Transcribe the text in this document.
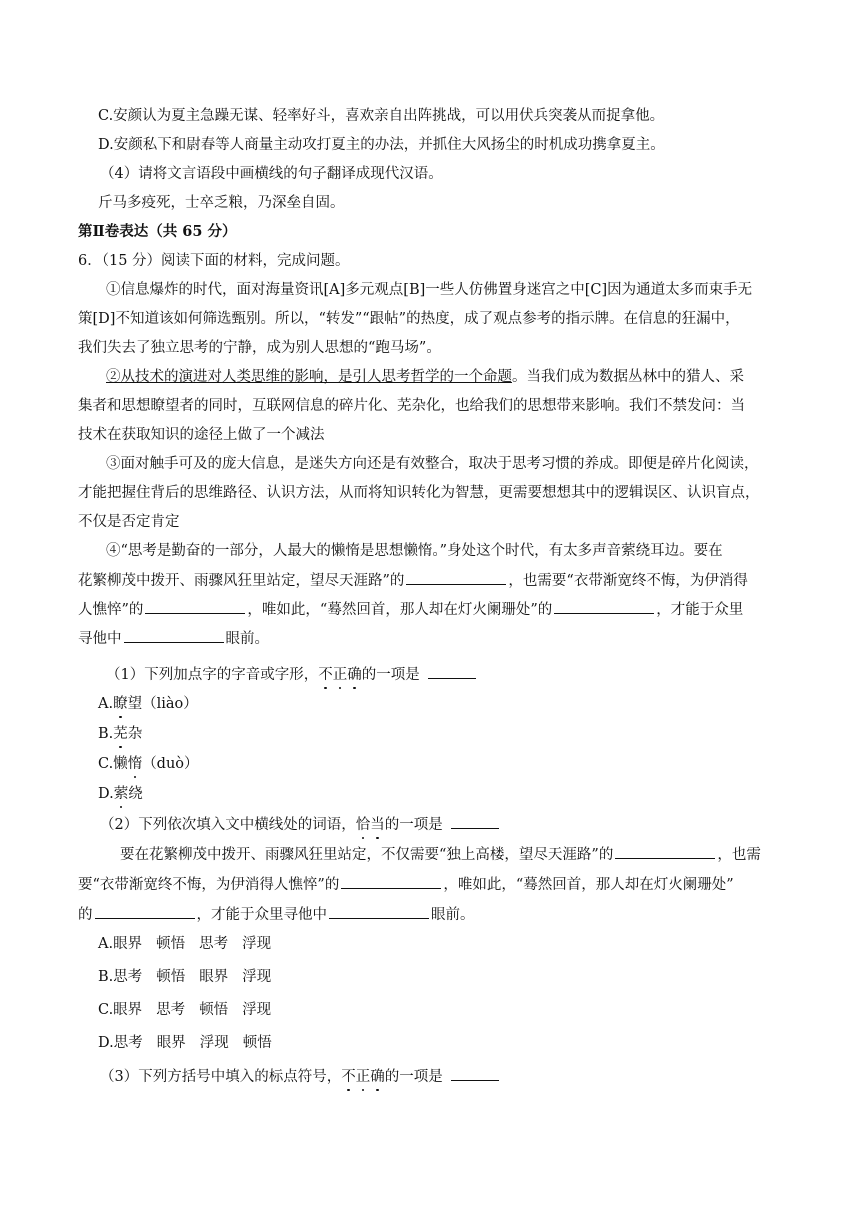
C.安颜认为夏主急躁无谋、轻率好斗，喜欢亲自出阵挑战，可以用伏兵突袭从而捉拿他。
D.安颜私下和尉春等人商量主动攻打夏主的办法，并抓住大风扬尘的时机成功携拿夏主。
（4）请将文言语段中画横线的句子翻译成现代汉语。
斤马多疫死，士卒乏粮，乃深垒自固。
第Ⅱ卷表达（共 65 分）
6．（15 分）阅读下面的材料，完成问题。
①信息爆炸的时代，面对海量资讯[A]多元观点[B]一些人仿佛置身迷宫之中[C]因为通道太多而束手无
策[D]不知道该如何筛选甄别。所以，“转发”“跟帖”的热度，成了观点参考的指示牌。在信息的狂漏中，
我们失去了独立思考的宁静，成为别人思想的“跑马场”。
②从技术的演进对人类思维的影响，是引人思考哲学的一个命题。当我们成为数据丛林中的猎人、采
集者和思想瞭望者的同时，互联网信息的碎片化、芜杂化，也给我们的思想带来影响。我们不禁发问：当
技术在获取知识的途径上做了一个减法
③面对触手可及的庞大信息，是迷失方向还是有效整合，取决于思考习惯的养成。即便是碎片化阅读，
才能把握住背后的思维路径、认识方法，从而将知识转化为智慧，更需要想想其中的逻辑误区、认识盲点，
不仅是否定肯定
④“思考是勤奋的一部分，人最大的懒惰是思想懒惰。”身处这个时代，有太多声音萦绕耳边。要在
花繁柳茂中拨开、雨骤风狂里站定，望尽天涯路”的	，也需要“衣带渐宽终不悔，为伊消得
人憔悴”的	，唯如此，“蓦然回首，那人却在灯火阑珊处”的	，才能于众里
寻他中	眼前。
（1）下列加点字的字音或字形，不正确的一项是
A.瞭望（liào）
B.芜杂
C.懒惰（duò）
D.萦绕
（2）下列依次填入文中横线处的词语，恰当的一项是
要在花繁柳茂中拨开、雨骤风狂里站定，不仅需要“独上高楼，望尽天涯路”的	，也需
要“衣带渐宽终不悔，为伊消得人憔悴”的	，唯如此，“蓦然回首，那人却在灯火阑珊处”
的	，才能于众里寻他中	眼前。
A.眼界 顿悟 思考 浮现
B.思考 顿悟 眼界 浮现
C.眼界 思考 顿悟 浮现
D.思考 眼界 浮现 顿悟
（3）下列方括号中填入的标点符号，不正确的一项是
